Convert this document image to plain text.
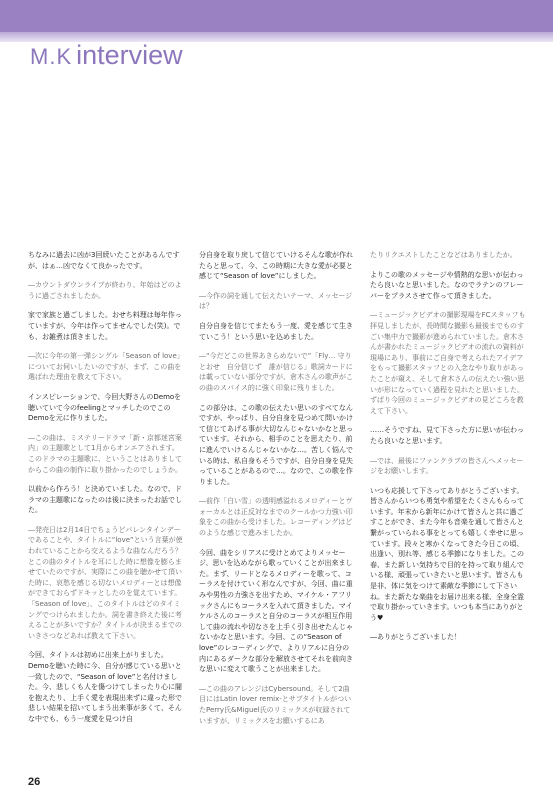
M.K interview

ちなみに過去に凶が3回続いたことがあるんですが、はぁ…凶でなくて良かったです。

―カウントダウンライブが終わり、年始はどのように過ごされましたか。

家で家族と過ごしました。おせち料理は毎年作っていますが、今年は作ってませんでした(笑)。でも、お雑煮は頂きました。

―次に今年の第一弾シングル「Season of love」についてお伺いしたいのですが、まず、この曲を選ばれた理由を教えて下さい。

インスピレーションで、今回大野さんのDemoを聴いていて今のfeelingとマッチしたのでこのDemoを元に作りました。

―この曲は、ミステリードラマ「新・京都迷宮案内」の主題歌として1月からオンエアされます。このドラマの主題歌に、ということはありましてからこの曲の制作に取り掛かったのでしょうか。

以前から作ろう！と決めていました。なので、ドラマの主題歌になったのは後に決まったお話でした。

―発売日は2月14日でちょうどバレンタインデーであることや、タイトルに“love”という言葉が使われていることから交えるような曲なんだろう？とこの曲のタイトルを耳にした時に想像を膨らませていたのですが、実際にこの曲を聴かせて頂いた時に、哀愁を感じる切ないメロディーとは想像ができておらずドキッとしたのを覚えています。「Season of love」、このタイトルはどのタイミングでつけられましたか。詞を書き終えた後に考えることが多いですか？タイトルが決まるまでのいきさつなどあれば教えて下さい。

今回、タイトルは初めに出来上がりました。Demoを聴いた時に今、自分が感じている思いと一致したので、“Season of love”と名付けました。今、悲しくも人を傷つけてしまったり心に闇を抱えたり、上手く愛を表現出来ずに違った形で悲しい結果を招いてしまう出来事が多くて、そんな中でも、もう一度愛を見つけ自

分自身を取り戻して信じていけるそんな歌が作れたらと思って、今、この時期に大きな愛が必要と感じて“Season of love”にしました。

―今作の詞を通して伝えたいテーマ、メッセージは？

自分自身を信じてまたもう一度、愛を感じて生きていこう！という思いを込めました。

―“今だどこの世界あきらめないで”「Fly… 守りとおせ　自分信じず　誰が信じる」歌詞カードには載っていない部分ですが、倉木さんの歌声がこの曲のスパイス的に強く印象に残りました。

この部分は、この歌の伝えたい思いのすべてなんですが、やっぱり、自分自身を見つめて問いかけて信じてあげる事が大切なんじゃないかなと思っています。それから、相手のことを思えたり、前に進んでいけるんじゃないかな…。苦しく悩んでいる時は、私自身もそうですが、自分自身を見失っていることがあるので…。なので、この歌を作りました。

―前作「白い雪」の透明感溢れるメロディーとヴォーカルとは正反対なまでのクールかつ力強い印象をこの曲から受けました。レコーディングはどのような感じで進みましたか。

今回、曲をシリアスに受けとめてよりメッセージ、思いを込めながら歌っていくことが出来ました。まず、リードとなるメロディーを歌って、コーラスを付けていく形なんですが、今回、曲に重みや男性の力強さを出すため、マイケル・アフリックさんにもコーラスを入れて頂きました。マイケルさんのコーラスと自分のコーラスが相互作用して曲の流れや切なさを上手く引き出せたんじゃないかなと思います。今回、この“Season of love”のレコーディングで、よりリアルに自分の内にあるダークな部分を解放させてそれを前向きな思いに変えて歌うことが出来ました。

―この曲のアレンジはCybersound。そして2曲目にはLatin lover remix-とサブタイトルがついたPerry氏&Miguel氏のリミックスが収録されていますが、リミックスをお願いするにあ

たりリクエストしたことなどはありましたか。

よりこの歌のメッセージや情熱的な思いが伝わったら良いなと思いました。なのでラテンのフレーバーをプラスさせて作って頂きました。

―ミュージックビデオの撮影現場をFCスタッフも拝見しましたが、長時間な撮影も最後までものすごい集中力で撮影が進められていました。倉木さんが書かれたミュージックビデオの流れの資料が現場にあり、事前にご自身で考えられたアイデアをもって撮影スタッフとの入念なやり取りがあったことが窺え、そして倉木さんの伝えたい強い思いが形になっていく過程を見れたと思いました。ずばり今回のミュージックビデオの見どころを教えて下さい。

……そうですね、見て下さった方に思いが伝わったら良いなと思います。

―では、最後にファンクラブの皆さんへメッセージをお願いします。

いつも応援して下さってありがとうございます。皆さんからいつも勇気や希望をたくさんもらっています。年末から新年にかけて皆さんと共に過ごすことができ、また今年も音楽を通して皆さんと繋がっていられる事をとっても嬉しく幸せに思っています。段々と寒かくなってきた今日この頃、出逢い、別れ等、感じる季節になりました。この春、また新しい気持ちで目的を持って取り組んでいる様、頑張っていきたいと思います。皆さんも是非、体に気をつけて素敵な季節にして下さいね。また新たな楽曲をお届け出来る様、全身全霊で取り掛かっていきます。いつも本当にありがとう♥

―ありがとうございました！

26
